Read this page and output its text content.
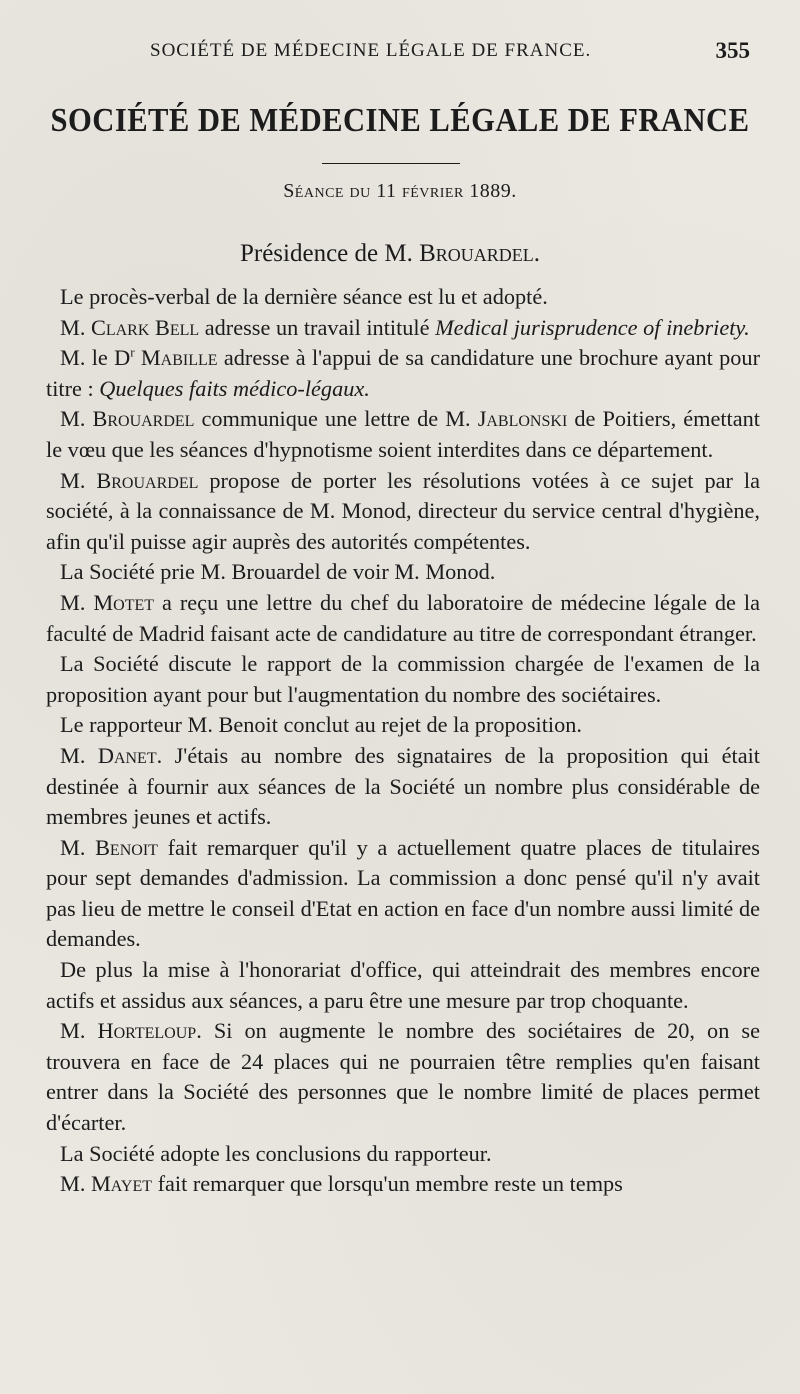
SOCIÉTÉ DE MÉDECINE LÉGALE DE FRANCE.	355
SOCIÉTÉ DE MÉDECINE LÉGALE DE FRANCE
Séance du 11 février 1889.
Présidence de M. Brouardel.

Le procès-verbal de la dernière séance est lu et adopté.

M. Clark Bell adresse un travail intitulé Medical jurisprudence of inebriety.

M. le $D^r$ Mabille adresse à l'appui de sa candidature une brochure ayant pour titre : Quelques faits médico-légaux.

M. Brouardel communique une lettre de M. Jablonski de Poitiers, émettant le vœu que les séances d'hypnotisme soient interdites dans ce département.

M. Brouardel propose de porter les résolutions votées à ce sujet par la société, à la connaissance de M. Monod, directeur du service central d'hygiène, afin qu'il puisse agir auprès des autorités compétentes.

La Société prie M. Brouardel de voir M. Monod.

M. Motet a reçu une lettre du chef du laboratoire de médecine légale de la faculté de Madrid faisant acte de candidature au titre de correspondant étranger.

La Société discute le rapport de la commission chargée de l'examen de la proposition ayant pour but l'augmentation du nombre des sociétaires.

Le rapporteur M. Benoit conclut au rejet de la proposition.

M. Danet. J'étais au nombre des signataires de la proposition qui était destinée à fournir aux séances de la Société un nombre plus considérable de membres jeunes et actifs.

M. Benoit fait remarquer qu'il y a actuellement quatre places de titulaires pour sept demandes d'admission. La commission a donc pensé qu'il n'y avait pas lieu de mettre le conseil d'Etat en action en face d'un nombre aussi limité de demandes.

De plus la mise à l'honorariat d'office, qui atteindrait des membres encore actifs et assidus aux séances, a paru être une mesure par trop choquante.

M. Horteloup. Si on augmente le nombre des sociétaires de 20, on se trouvera en face de 24 places qui ne pourraien têtre remplies qu'en faisant entrer dans la Société des personnes que le nombre limité de places permet d'écarter.

La Société adopte les conclusions du rapporteur.

M. Mayet fait remarquer que lorsqu'un membre reste un temps
